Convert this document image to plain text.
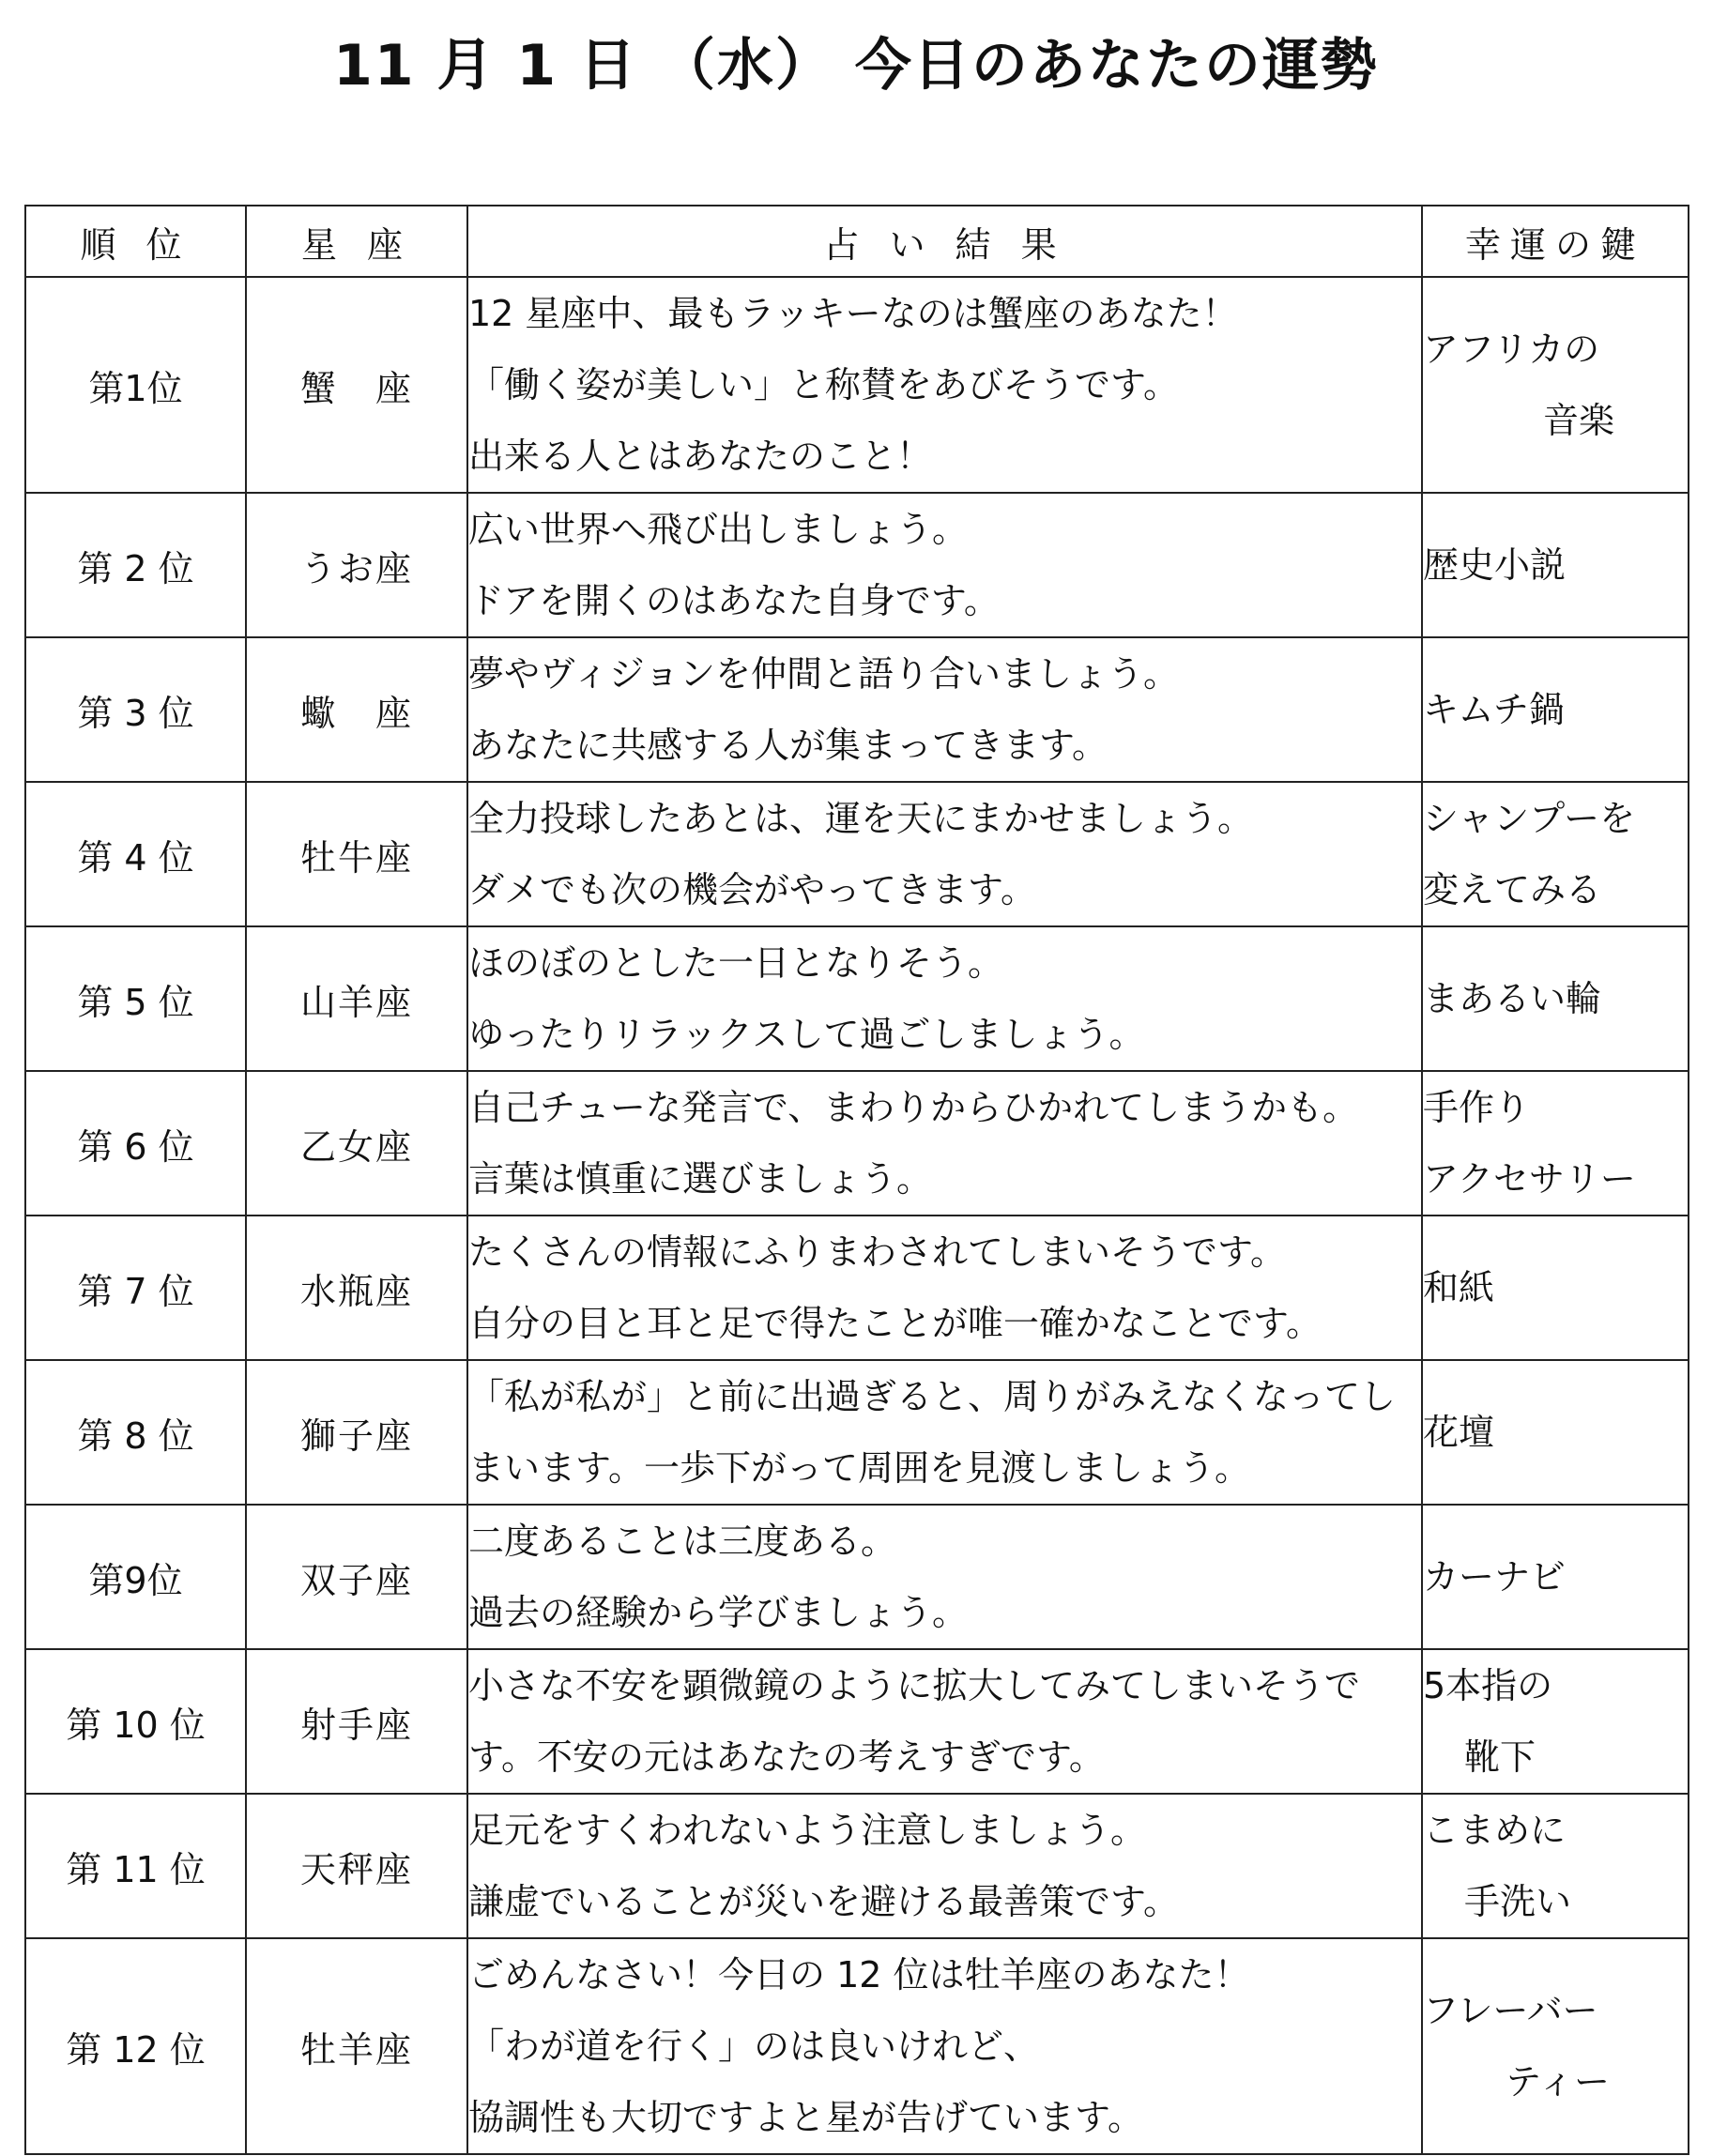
11 月 1 日 （水） 今日のあなたの運勢
順 位	星 座	占 い 結 果	幸運の鍵
第1位	蟹　座	12 星座中、最もラッキーなのは蟹座のあなた！
「働く姿が美しい」と称賛をあびそうです。
出来る人とはあなたのこと！	アフリカの
音楽

第 2 位	うお座	広い世界へ飛び出しましょう。
ドアを開くのはあなた自身です。	歴史小説

第 3 位	蠍　座	夢やヴィジョンを仲間と語り合いましょう。
あなたに共感する人が集まってきます。	キムチ鍋

第 4 位	牡牛座	全力投球したあとは、運を天にまかせましょう。
ダメでも次の機会がやってきます。	シャンプーを
変えてみる

第 5 位	山羊座	ほのぼのとした一日となりそう。
ゆったりリラックスして過ごしましょう。	まあるい輪

第 6 位	乙女座	自己チューな発言で、まわりからひかれてしまうかも。
言葉は慎重に選びましょう。	手作り
アクセサリー

第 7 位	水瓶座	たくさんの情報にふりまわされてしまいそうです。
自分の目と耳と足で得たことが唯一確かなことです。	和紙

第 8 位	獅子座	「私が私が」と前に出過ぎると、周りがみえなくなってし
まいます。一歩下がって周囲を見渡しましょう。	花壇

第9位	双子座	二度あることは三度ある。
過去の経験から学びましょう。	カーナビ

第 10 位	射手座	小さな不安を顕微鏡のように拡大してみてしまいそうで
す。不安の元はあなたの考えすぎです。	5本指の
靴下

第 11 位	天秤座	足元をすくわれないよう注意しましょう。
謙虚でいることが災いを避ける最善策です。	こまめに
手洗い

第 12 位	牡羊座	ごめんなさい！今日の 12 位は牡羊座のあなた！
「わが道を行く」のは良いけれど、
協調性も大切ですよと星が告げています。	フレーバー
ティー
